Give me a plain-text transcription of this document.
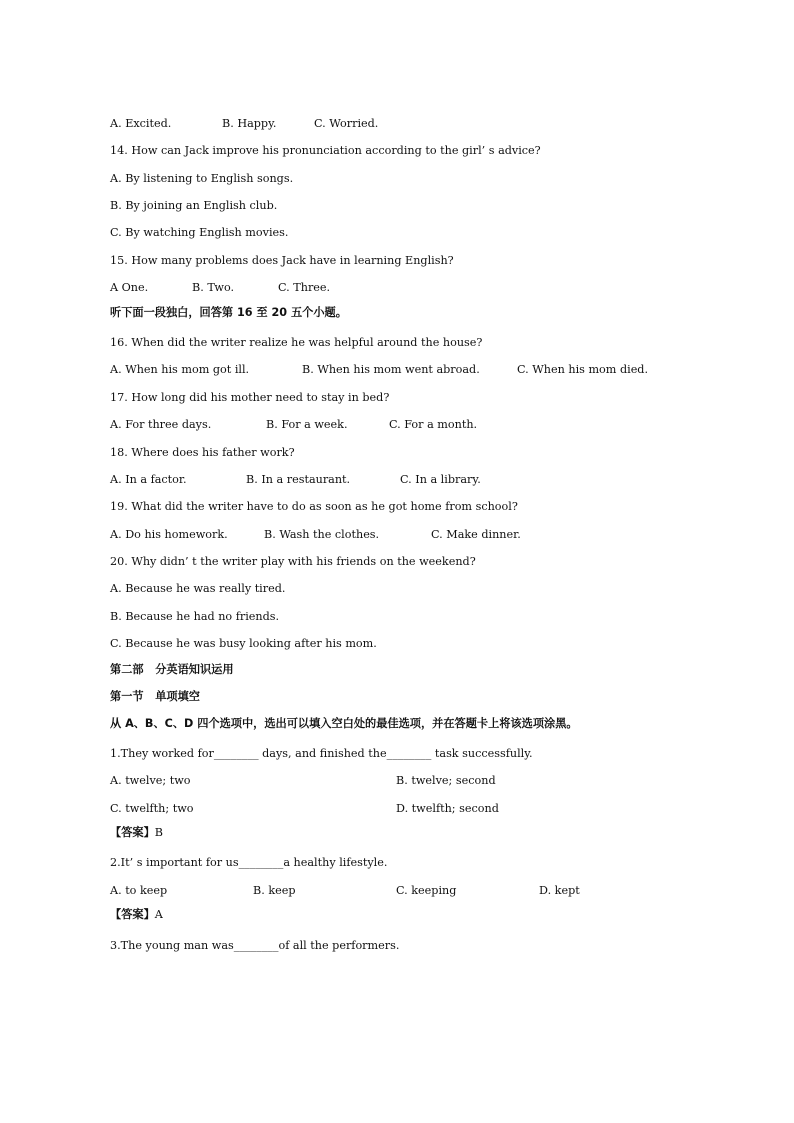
A. Excited.	B. Happy.	C. Worried.
14. How can Jack improve his pronunciation according to the girl’ s advice?
A. By listening to English songs.
B. By joining an English club.
C. By watching English movies.
15. How many problems does Jack have in learning English?
A One.	B. Two.	C. Three.
听下面一段独白，回答第 16 至 20 五个小题。
16. When did the writer realize he was helpful around the house?
A. When his mom got ill.	B. When his mom went abroad.	C. When his mom died.
17. How long did his mother need to stay in bed?
A. For three days.	B. For a week.	C. For a month.
18. Where does his father work?
A. In a factor.	B. In a restaurant.	C. In a library.
19. What did the writer have to do as soon as he got home from school?
A. Do his homework.	B. Wash the clothes.	C. Make dinner.
20. Why didn’ t the writer play with his friends on the weekend?
A. Because he was really tired.
B. Because he had no friends.
C. Because he was busy looking after his mom.
第二部   分英语知识运用
第一节   单项填空
从 A、B、C、D 四个选项中，选出可以填入空白处的最佳选项，并在答题卡上将该选项涂黑。
1.They worked for________ days, and finished the________ task successfully.
A. twelve; two	B. twelve; second
C. twelfth; two	D. twelfth; second
【答案】B
2.It’ s important for us________a healthy lifestyle.
A. to keep	B. keep	C. keeping	D. kept
【答案】A
3.The young man was________of all the performers.
